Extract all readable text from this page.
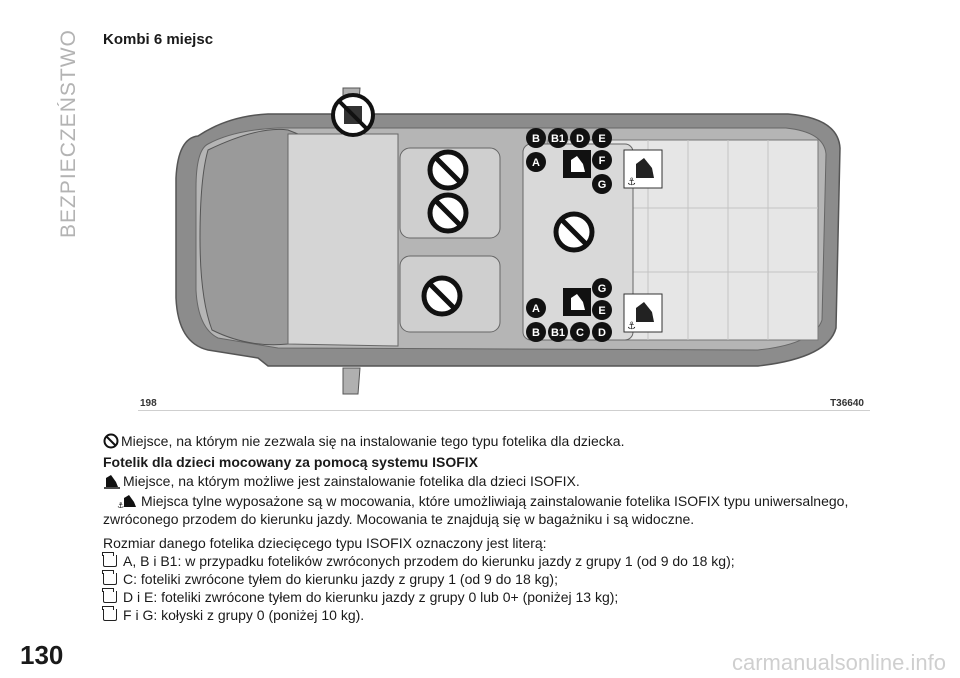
BEZPIECZEŃSTWO Kombi 6 miejsc
⚓
⚓
B B1 D E
A	F
G
G
A	E
B B1 C D
198	T36640
Miejsce, na którym nie zezwala się na instalowanie tego typu fotelika dla dziecka.
Fotelik dla dzieci mocowany za pomocą systemu ISOFIX
Miejsce, na którym możliwe jest zainstalowanie fotelika dla dzieci ISOFIX.
⚓ Miejsca tylne wyposażone są w mocowania, które umożliwiają zainstalowanie fotelika ISOFIX typu uniwersalnego,
zwróconego przodem do kierunku jazdy. Mocowania te znajdują się w bagażniku i są widoczne.
Rozmiar danego fotelika dziecięcego typu ISOFIX oznaczony jest literą:
A, B i B1: w przypadku fotelików zwróconych przodem do kierunku jazdy z grupy 1 (od 9 do 18 kg);
C: foteliki zwrócone tyłem do kierunku jazdy z grupy 1 (od 9 do 18 kg);
D i E: foteliki zwrócone tyłem do kierunku jazdy z grupy 0 lub 0+ (poniżej 13 kg);
F i G: kołyski z grupy 0 (poniżej 10 kg).
130	carmanualsonline.info
